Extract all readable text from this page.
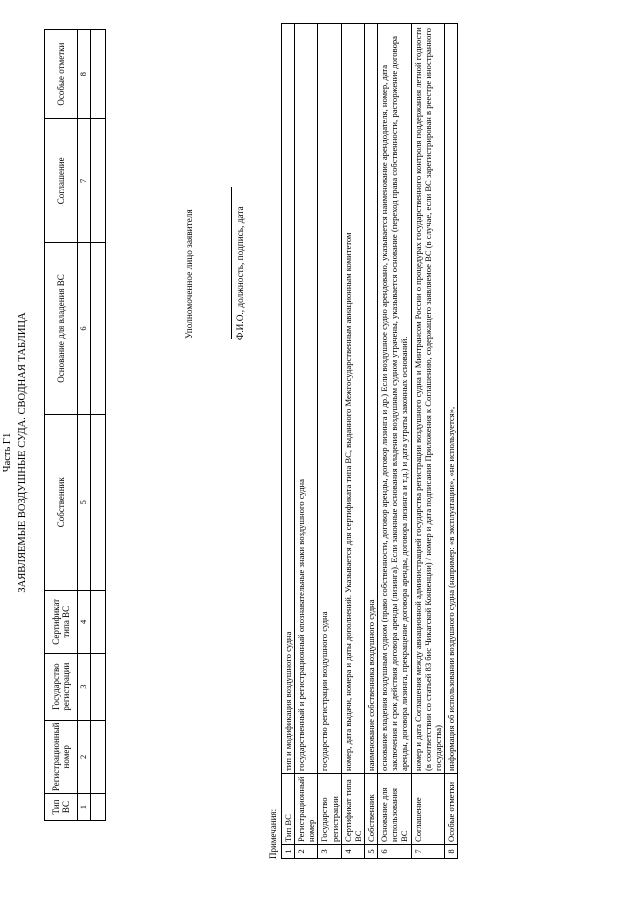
Часть Г1 ЗАЯВЛЯЕМЫЕ ВОЗДУШНЫЕ СУДА. СВОДНАЯ ТАБЛИЦА
Тип ВС	Регистрационный номер	Государство регистрации	Сертификат типа ВС	Собственник	Основание для владения ВС	Соглашение	Особые отметки
1	2	3	4	5	6	7	8

Уполномоченное лицо заявителя	Ф.И.О., должность, подпись, дата
Примечания: 1	Тип ВС	тип и модификация воздушного судна
2	Регистрационный номер	государственный и регистрационный опознавательные знаки воздушного судна
3	Государство регистрации	государство регистрации воздушного судна
4	Сертификат типа ВС	номер, дата выдачи, номера и даты дополнений. Указывается для сертификата типа ВС, выданного Межгосударственным авиационным комитетом
5	Собственник	наименование собственника воздушного судна
6	Основание для использования ВС	основание владения воздушным судном (право собственности, договор аренды, договор лизинга и др.) Если воздушное судно арендовано, указывается наименование арендодателя, номер, дата заключения и срок действия договора аренды (лизинга). Если законные основания владения воздушным судном утрачены, указывается основание (переход права собственности, расторжение договора аренды, договора лизинга, прекращение договора аренды, договора лизинга и т.д.) и дата утраты законных оснований.
7	Соглашение	номер и дата Соглашения между авиационной администрацией государства регистрации воздушного судна и Минтрансом России о процедурах государственного контроля поддержания летной годности (в соответствии со статьей 83 бис Чикагской Конвенции) / номер и дата подписания Приложения к Соглашению, содержащего заявляемое ВС (в случае, если ВС зарегистрирован в реестре иностранного государства)
8	Особые отметки	информация об использовании воздушного судна (например: «в эксплуатации», «не используется»,
